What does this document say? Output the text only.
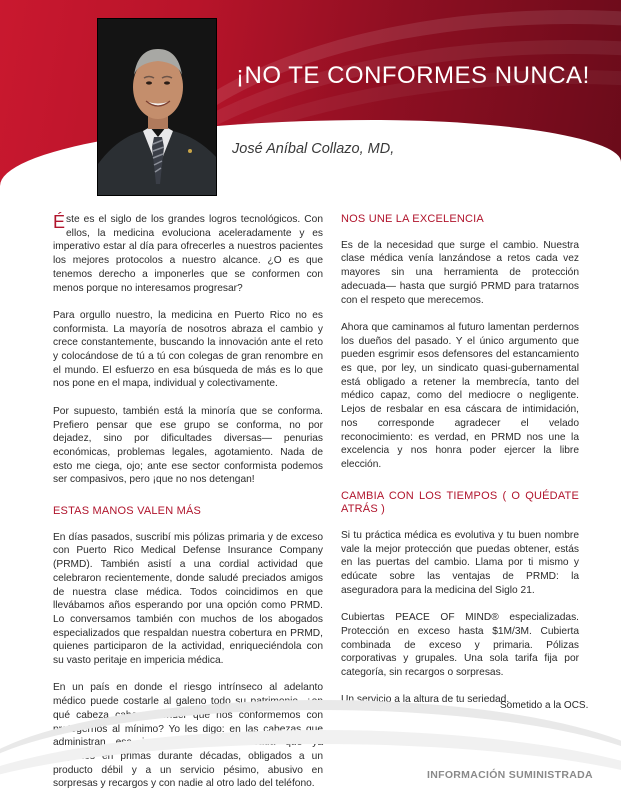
¡NO TE CONFORMES NUNCA!
José Aníbal Collazo, MD,

Éste es el siglo de los grandes logros tecnológicos. Con ellos, la medicina evoluciona aceleradamente y es imperativo estar al día para ofrecerles a nuestros pacientes los mejores protocolos a nuestro alcance. ¿O es que tenemos derecho a imponerles que se conformen con menos porque no interesamos progresar?

Para orgullo nuestro, la medicina en Puerto Rico no es conformista. La mayoría de nosotros abraza el cambio y crece constantemente, buscando la innovación ante el reto y colocándose de tú a tú con colegas de gran renombre en el mundo. El esfuerzo en esa búsqueda de más es lo que nos pone en el mapa, individual y colectivamente.

Por supuesto, también está la minoría que se conforma. Prefiero pensar que ese grupo se conforma, no por dejadez, sino por dificultades diversas— penurias económicas, problemas legales, agotamiento. Nada de esto me ciega, ojo; ante ese sector conformista podemos ser compasivos, pero ¡que no nos detengan!

ESTAS MANOS VALEN MÁS

En días pasados, suscribí mis pólizas primaria y de exceso con Puerto Rico Medical Defense Insurance Company (PRMD). También asistí a una cordial actividad que celebraron recientemente, donde saludé preciados amigos de nuestra clase médica. Todos coincidimos en que llevábamos años esperando por una opción como PRMD. Lo conversamos también con muchos de los abogados especializados que respaldan nuestra cobertura en PRMD, quienes participaron de la actividad, enriqueciéndola con su vasto peritaje en impericia médica.

En un país en donde el riesgo intrínseco al adelanto médico puede costarle al galeno todo su patrimonio, ¿en qué cabeza cabe pretender que nos conformemos con protegernos al mínimo? Yo les digo: en las cabezas que administran esa inmensa fortuna sindicada que ya pagamos en primas durante décadas, obligados a un producto débil y a un servicio pésimo, abusivo en sorpresas y recargos y con nadie al otro lado del teléfono.

NOS UNE LA EXCELENCIA

Es de la necesidad que surge el cambio. Nuestra clase médica venía lanzándose a retos cada vez mayores sin una herramienta de protección adecuada— hasta que surgió PRMD para tratarnos con el respeto que merecemos.

Ahora que caminamos al futuro lamentan perdernos los dueños del pasado. Y el único argumento que pueden esgrimir esos defensores del estancamiento es que, por ley, un sindicato quasi-gubernamental está obligado a retener la membrecía, tanto del médico capaz, como del mediocre o negligente. Lejos de resbalar en esa cáscara de intimidación, nos corresponde agradecer el velado reconocimiento: es verdad, en PRMD nos une la excelencia y nos honra poder ejercer la libre elección.

CAMBIA CON LOS TIEMPOS ( O QUÉDATE ATRÁS )

Si tu práctica médica es evolutiva y tu buen nombre vale la mejor protección que puedas obtener, estás en las puertas del cambio. Llama por ti mismo y edúcate sobre las ventajas de PRMD: la aseguradora para la medicina del Siglo 21.

Cubiertas PEACE OF MIND® especializadas. Protección en exceso hasta $1M/3M. Cubierta combinada de exceso y primaria. Pólizas corporativas y grupales. Una sola tarifa fija por categoría, sin recargos o sorpresas.

Un servicio a la altura de tu seriedad.

Sometido a la OCS.
INFORMACIÓN SUMINISTRADA
